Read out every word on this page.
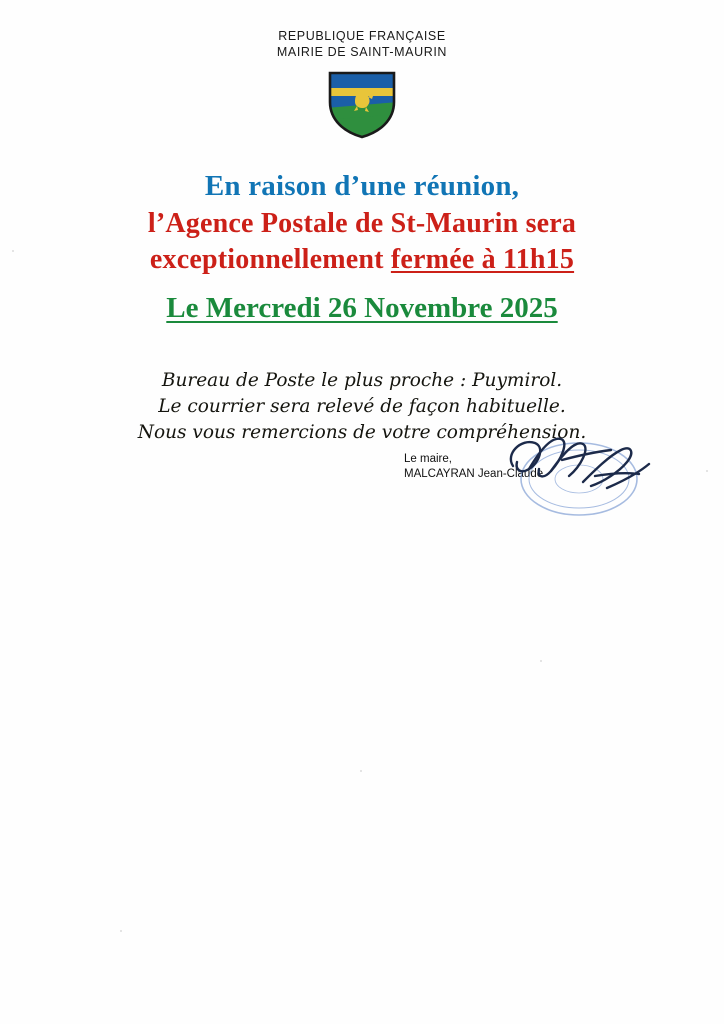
REPUBLIQUE FRANÇAISE
MAIRIE DE SAINT-MAURIN
En raison d’une réunion,
l’Agence Postale de St-Maurin sera
exceptionnellement fermée à 11h15
Le Mercredi 26 Novembre 2025
Bureau de Poste le plus proche : Puymirol.
Le courrier sera relevé de façon habituelle.
Nous vous remercions de votre compréhension.
Le maire,
MALCAYRAN Jean-Claude
